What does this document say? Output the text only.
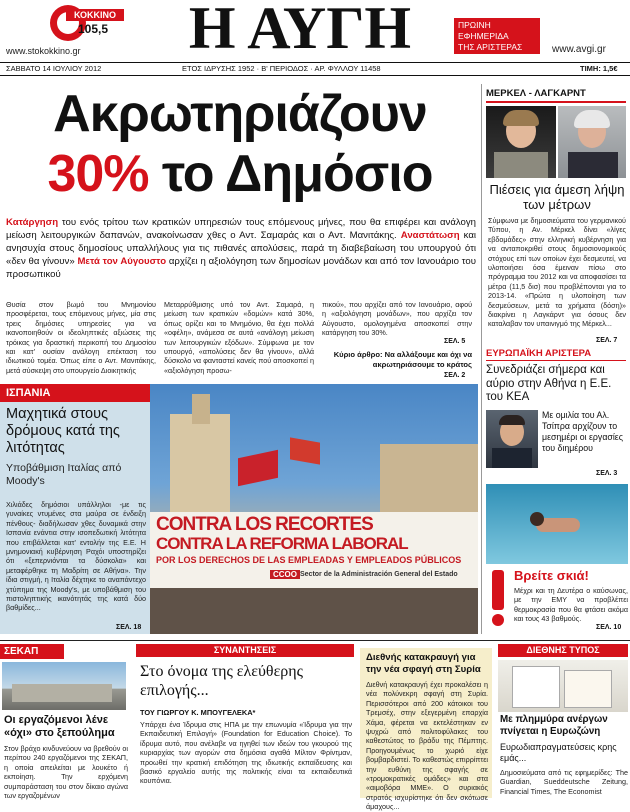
ΚΟΚΚΙΝΟ
105,5
www.stokokkino.gr	Η ΑΥΓΗ	ΠΡΩΙΝΗ
ΕΦΗΜΕΡΙΔΑ
ΤΗΣ ΑΡΙΣΤΕΡΑΣ	www.avgi.gr
ΣΑΒΒΑΤΟ 14 ΙΟΥΛΙΟΥ 2012	ΕΤΟΣ ΙΔΡΥΣΗΣ 1952 · Β' ΠΕΡΙΟΔΟΣ · ΑΡ. ΦΥΛΛΟΥ 11458	ΤΙΜΗ: 1,5€
Ακρωτηριάζουν
30% το Δημόσιο
Κατάργηση του ενός τρίτου των κρατικών υπηρεσιών τους επόμενους μήνες, που θα επιφέρει και ανάλογη μείωση λειτουργικών δαπανών, ανακοίνωσαν χθες ο Αντ. Σαμαράς και ο Αντ. Μανιτάκης. Αναστάτωση και ανησυχία στους δημοσίους υπαλλήλους για τις πιθανές απολύσεις, παρά τη διαβεβαίωση του υπουργού ότι «δεν θα γίνουν» Μετά τον Αύγουστο αρχίζει η αξιολόγηση των δημοσίων μονάδων και από τον Ιανουάριο του προσωπικού
Θυσία στον βωμό του Μνημονίου προσφέρεται, τους επόμενους μήνες, μία στις τρεις δημόσιες υπηρεσίες για να ικανοποιηθούν οι ιδεοληπτικές αξιώσεις της τρόικας για δραστική περικοπή του Δημοσίου και κατ' ουσίαν ανάλογη επέκταση του ιδιωτικού τομέα. Όπως είπε ο Αντ. Μανιτάκης, μετά σύσκεψη στο υπουργείο Διοικητικής
Μεταρρύθμισης υπό τον Αντ. Σαμαρά, η μείωση των κρατικών «δομών» κατά 30%, όπως ορίζει και το Μνημόνιο, θα έχει πολλά «οφέλη», ανάμεσα σε αυτά «ανάλογη μείωση των λειτουργικών εξόδων». Σύμφωνα με τον υπουργό, «απολύσεις δεν θα γίνουν», αλλά δύσκολο να φανταστεί κανείς πού αποσκοπεί η «αξιολόγηση προσω-
πικού», που αρχίζει από τον Ιανουάριο, αφού η «αξιολόγηση μονάδων», που αρχίζει τον Αύγουστο, ομολογημένα αποσκοπεί στην κατάργηση του 30%.
ΣΕΛ. 5
Κύριο άρθρο: Να αλλάξουμε και όχι να ακρωτηριάσουμε το κράτος
ΣΕΛ. 2
CONTRA LOS RECORTES
CONTRA LA REFORMA LABORAL
POR LOS DERECHOS DE LAS EMPLEADAS Y EMPLEADOS PÚBLICOS
CCOO Sector de la Administración General del Estado
ΙΣΠΑΝΙΑ
Μαχητικά στους δρόμους κατά της λιτότητας
Υποβάθμιση Ιταλίας από Moody's
Χιλιάδες δημόσιοι υπάλληλοι -με τις γυναίκες ντυμένες στα μαύρα σε ένδειξη πένθους- διαδήλωσαν χθες δυναμικά στην Ισπανία ενάντια στην ισοπεδωτική λιτότητα που επιβάλλεται κατ' εντολήν της Ε.Ε. Η μνημονιακή κυβέρνηση Ραχόι υποστηρίζει ότι «ξεπερνιόνται τα δύσκολα» και μεταφέρθηκε τη Μαδρίτη σε Αθήνα». Την ίδια στιγμή, η Ιταλία δέχτηκε το αναπάντεχο χτύπημα της Moody's, με υποβάθμιση του πιστοληπτικής ικανότητάς της κατά δύο βαθμίδες...
ΣΕΛ. 18
ΜΕΡΚΕΛ - ΛΑΓΚΑΡΝΤ
Πιέσεις για άμεση λήψη των μέτρων
Σύμφωνα με δημοσιεύματα του γερμανικού Τύπου, η Αν. Μέρκελ δίνει «λίγες εβδομάδες» στην ελληνική κυβέρνηση για να ανταποκριθεί στους δημοσιονομικούς στόχους επί των οποίων έχει δεσμευτεί, να υλοποιήσει όσα έμειναν πίσω στο πρόγραμμα του 2012 και να αποφασίσει τα μέτρα (11,5 δισ) που προβλέπονται για το 2013-14. «Πρώτα η υλοποίηση των δεσμεύσεων, μετά τα χρήματα (δόση)» διακρίνει η Λαγκάρντ για όσους δεν καταλαβαν τον υπαινιγμό της Μέρκελ...
ΣΕΛ. 7
ΕΥΡΩΠΑΪΚΗ ΑΡΙΣΤΕΡΑ
Συνεδριάζει σήμερα και αύριο στην Αθήνα η Ε.Ε. του ΚΕΑ
Με ομιλία του Αλ. Τσίπρα αρχίζουν το μεσημέρι οι εργασίες του διημέρου
ΣΕΛ. 3
Βρείτε σκιά!
Μέχρι και τη Δευτέρα ο καύσωνας, με την ΕΜΥ να προβλέπει θερμοκρασία που θα φτάσει ακόμα και τους 43 βαθμούς.
ΣΕΛ. 10
ΣΕΚΑΠ
Οι εργαζόμενοι λένε «όχι» στο ξεπούλημα
Στον βράχο κινδυνεύουν να βρεθούν οι περίπου 240 εργαζόμενοι της ΣΕΚΑΠ, η οποία απειλείται με λουκέτο ή εκποίηση. Την ερχόμενη συμπαράσταση του στον δίκαιο αγώνα των εργαζομένων
ΣΥΝΑΝΤΗΣΕΙΣ
Στο όνομα της ελεύθερης επιλογής...
ΤΟΥ ΓΙΩΡΓΟΥ Κ. ΜΠΟΥΓΕΛΕΚΑ*
Υπάρχει ένα Ίδρυμα στις ΗΠΑ με την επωνυμία «Ίδρυμα για την Εκπαιδευτική Επιλογή» (Foundation for Education Choice). Το ίδρυμα αυτό, που ανέλαβε να ηγηθεί των ιδεών του γκουρού της κυριαρχίας των αγορών στα δημόσια αγαθά Μίλτον Φρίντμαν, προωθεί την κρατική επιδότηση της ιδιωτικής εκπαίδευσης και βασικό εργαλείο αυτής της πολιτικής είναι τα εκπαιδευτικά κουπόνια.
Διεθνής κατακραυγή για την νέα σφαγή στη Συρία
Διεθνή κατακραυγή έχει προκαλέσει η νέα πολύνεκρη σφαγή στη Συρία. Περισσότεροι από 200 κάτοικοι του Τρεμσέχ, στην εξεγερμένη επαρχία Χάμα, φέρεται να εκτελέστηκαν εν ψυχρώ από πολιτοφύλακες του καθεστώτος το βράδυ της Πέμπτης. Προηγουμένως το χωριό είχε βομβαρδιστεί. Το καθεστώς επιρρίπτει την ευθύνη της σφαγής σε «τρομοκρατικές ομάδες» και στα «αιμοβόρα ΜΜΕ». Ο συριακός στρατός ισχυρίστηκε ότι δεν σκότωσε άμαχους...
ΔΙΕΘΝΗΣ ΤΥΠΟΣ
Με πλημμύρα ανέργων πνίγεται η Ευρωζώνη
Ευρωδιαπραγματεύσεις κρης εμάς...
Δημοσιεύματα από τις εφημερίδες: The Guardian, Sueddeutsche Zeitung, Financial Times, The Economist
